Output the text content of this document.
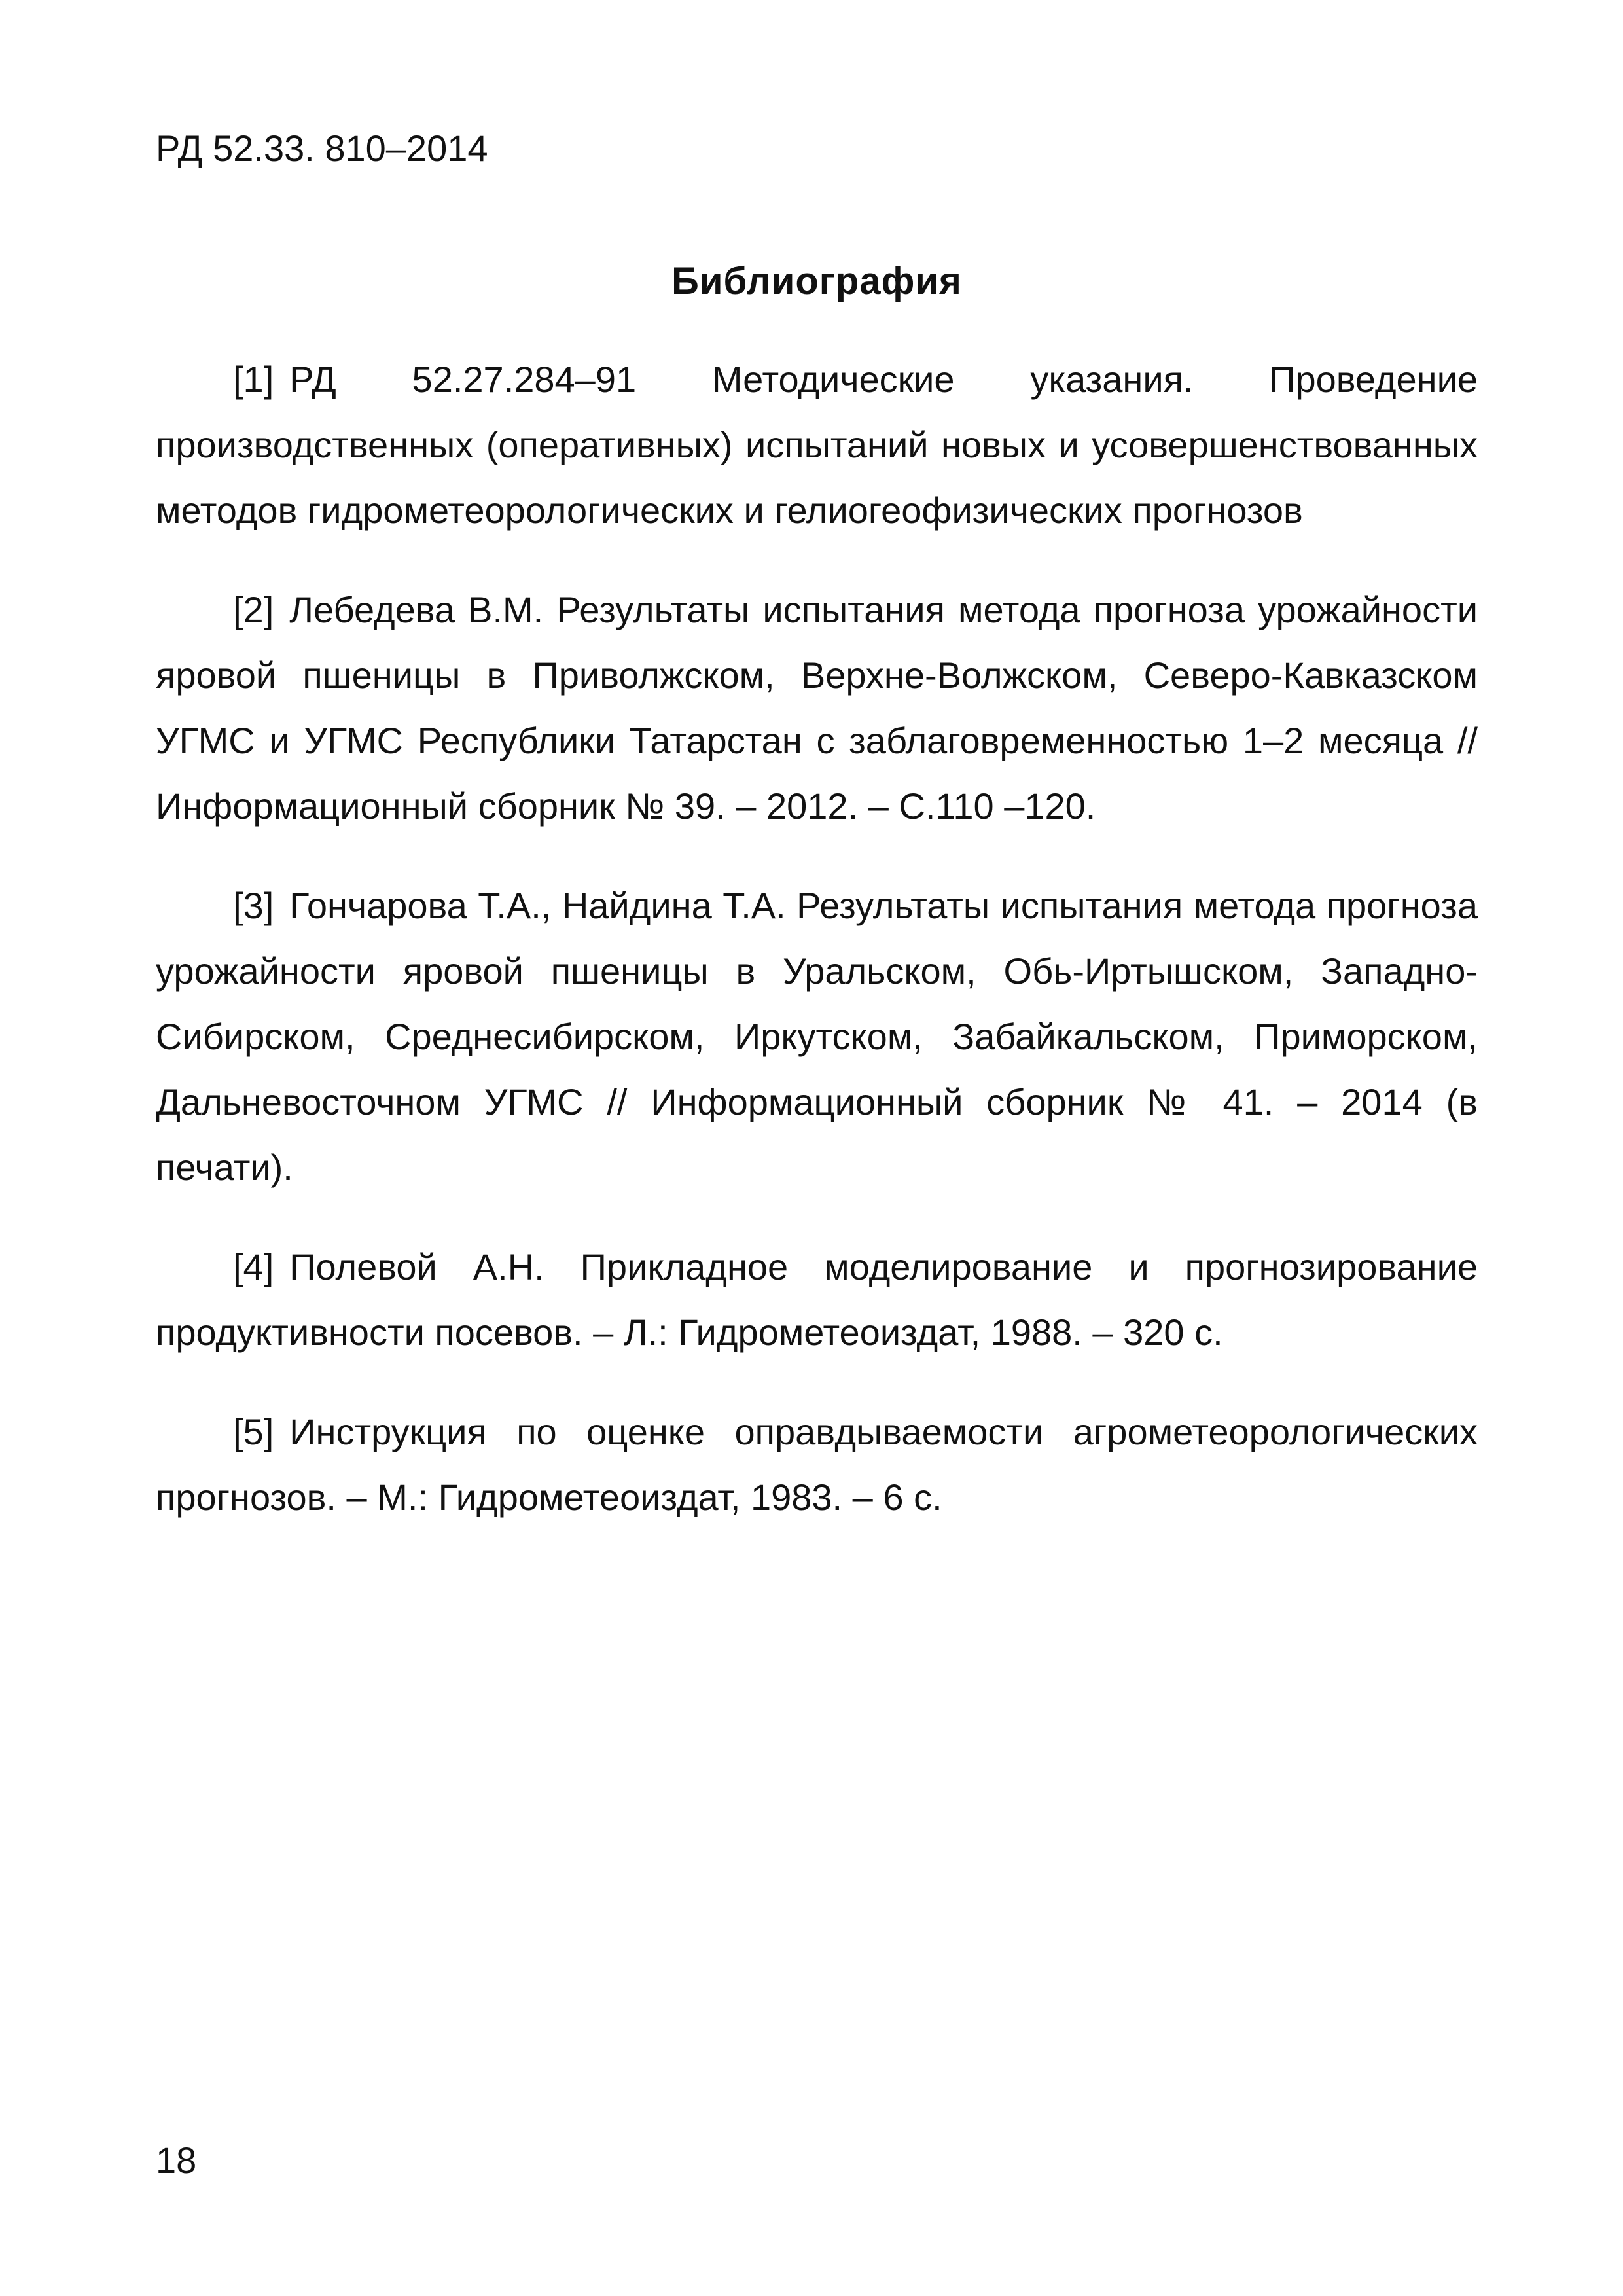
РД 52.33. 810–2014
Библиография

[1] РД 52.27.284–91 Методические указания. Проведение производственных (оперативных) испытаний новых и усовершенствованных методов гидрометеорологических и гелиогеофизических прогнозов

[2] Лебедева В.М. Результаты испытания метода прогноза урожайности яровой пшеницы в Приволжском, Верхне-Волжском, Северо-Кавказском УГМС и УГМС Республики Татарстан с заблаговременностью 1–2 месяца // Информационный сборник № 39. – 2012. – С.110 –120.

[3] Гончарова Т.А., Найдина Т.А. Результаты испытания метода прогноза урожайности яровой пшеницы в Уральском, Обь-Иртышском, Западно-Сибирском, Среднесибирском, Иркутском, Забайкальском, Приморском, Дальневосточном УГМС // Информационный сборник № 41. – 2014 (в печати).

[4] Полевой А.Н. Прикладное моделирование и прогнозирование продуктивности посевов. – Л.: Гидрометеоиздат, 1988. – 320 с.

[5] Инструкция по оценке оправдываемости агрометеорологических прогнозов. – М.: Гидрометеоиздат, 1983. – 6 с.

18
